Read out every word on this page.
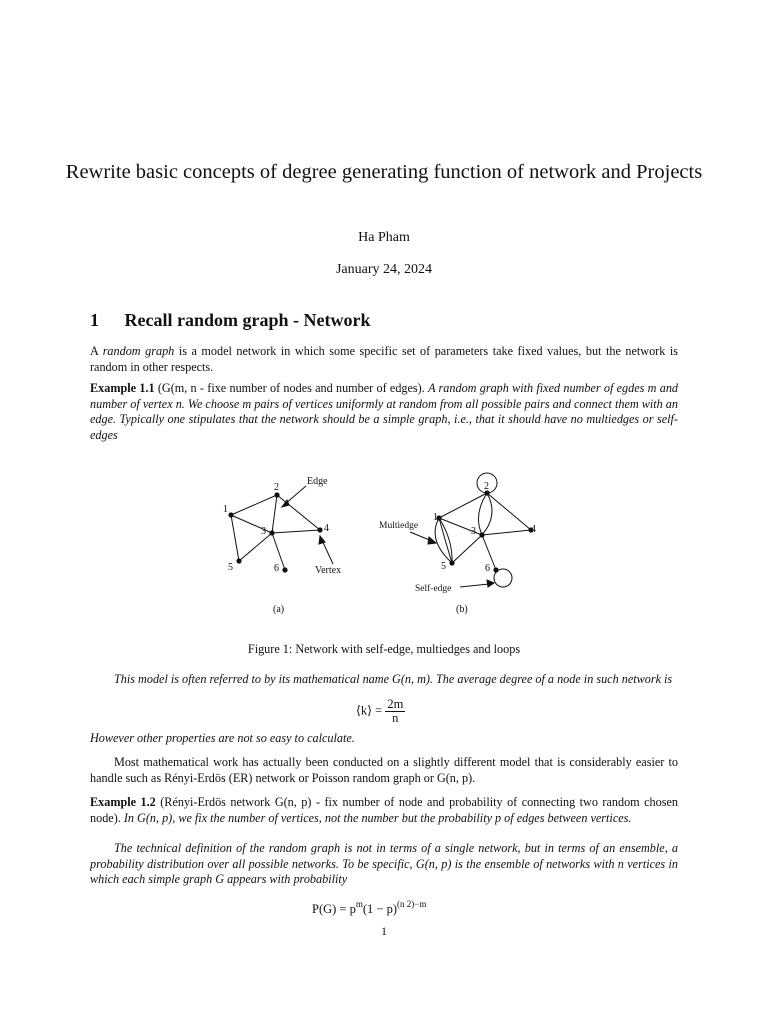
Rewrite basic concepts of degree generating function of network and Projects
Ha Pham
January 24, 2024
1 Recall random graph - Network
A random graph is a model network in which some specific set of parameters take fixed values, but the network is random in other respects.
Example 1.1 (G(m, n - fixe number of nodes and number of edges). A random graph with fixed number of egdes m and number of vertex n. We choose m pairs of vertices uniformly at random from all possible pairs and connect them with an edge. Typically one stipulates that the network should be a simple graph, i.e., that it should have no multiedges or self-edges
2
1
3	4
5	6
Edge
Vertex
(a)
2
1
3	4
5	6
Multiedge
Self-edge
(b)
Figure 1: Network with self-edge, multiedges and loops
This model is often referred to by its mathematical name G(n, m). The average degree of a node in such network is
⟨k⟩ = $\frac{2m}{n}$
However other properties are not so easy to calculate.
Most mathematical work has actually been conducted on a slightly different model that is considerably easier to handle such as Rényi-Erdös (ER) network or Poisson random graph or G(n, p).
Example 1.2 (Rényi-Erdös network G(n, p) - fix number of node and probability of connecting two random chosen node). In G(n, p), we fix the number of vertices, not the number but the probability p of edges between vertices.
The technical definition of the random graph is not in terms of a single network, but in terms of an ensemble, a probability distribution over all possible networks. To be specific, G(n, p) is the ensemble of networks with n vertices in which each simple graph G appears with probability
$P(G) = p^m(1 - p)^{(n 2)-m}$
1
